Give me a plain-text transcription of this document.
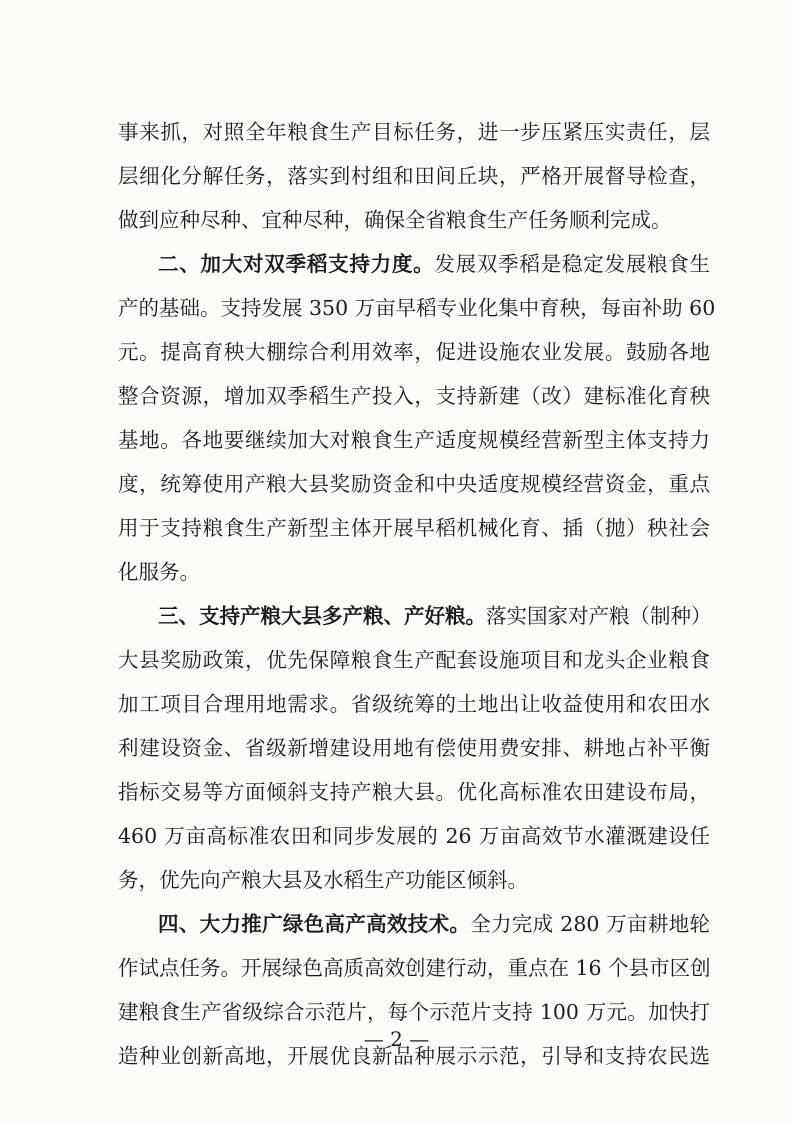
事来抓，对照全年粮食生产目标任务，进一步压紧压实责任，层
层细化分解任务，落实到村组和田间丘块，严格开展督导检查，
做到应种尽种、宜种尽种，确保全省粮食生产任务顺利完成。
二、加大对双季稻支持力度。发展双季稻是稳定发展粮食生
产的基础。支持发展 350 万亩早稻专业化集中育秧，每亩补助 60
元。提高育秧大棚综合利用效率，促进设施农业发展。鼓励各地
整合资源，增加双季稻生产投入，支持新建（改）建标准化育秧
基地。各地要继续加大对粮食生产适度规模经营新型主体支持力
度，统筹使用产粮大县奖励资金和中央适度规模经营资金，重点
用于支持粮食生产新型主体开展早稻机械化育、插（抛）秧社会
化服务。
三、支持产粮大县多产粮、产好粮。落实国家对产粮（制种）
大县奖励政策，优先保障粮食生产配套设施项目和龙头企业粮食
加工项目合理用地需求。省级统筹的土地出让收益使用和农田水
利建设资金、省级新增建设用地有偿使用费安排、耕地占补平衡
指标交易等方面倾斜支持产粮大县。优化高标准农田建设布局，
460 万亩高标准农田和同步发展的 26 万亩高效节水灌溉建设任
务，优先向产粮大县及水稻生产功能区倾斜。
四、大力推广绿色高产高效技术。全力完成 280 万亩耕地轮
作试点任务。开展绿色高质高效创建行动，重点在 16 个县市区创
建粮食生产省级综合示范片，每个示范片支持 100 万元。加快打
造种业创新高地，开展优良新品种展示示范，引导和支持农民选
— 2 —
